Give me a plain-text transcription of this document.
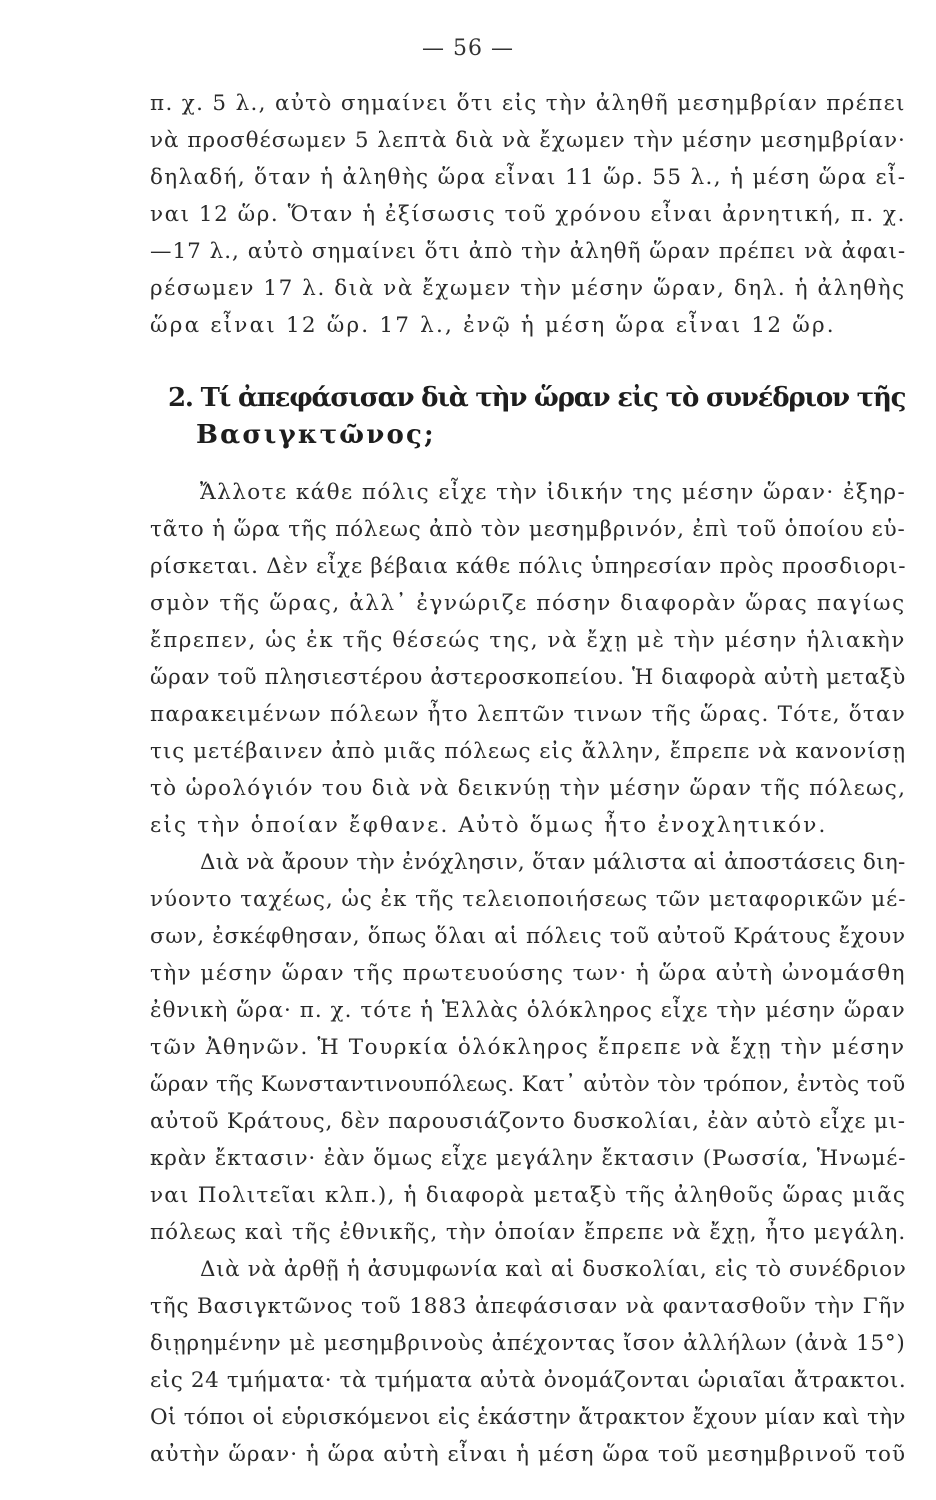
— 56 —
π. χ. 5 λ., αὐτὸ σημαίνει ὅτι εἰς τὴν ἀληθῆ μεσημβρίαν πρέπει
νὰ προσθέσωμεν 5 λεπτὰ διὰ νὰ ἔχωμεν τὴν μέσην μεσημβρίαν·
δηλαδή, ὅταν ἡ ἀληθὴς ὥρα εἶναι 11 ὥρ. 55 λ., ἡ μέση ὥρα εἶ-
ναι 12 ὥρ. Ὅταν ἡ ἐξίσωσις τοῦ χρόνου εἶναι ἀρνητική, π. χ.
—17 λ., αὐτὸ σημαίνει ὅτι ἀπὸ τὴν ἀληθῆ ὥραν πρέπει νὰ ἀφαι-
ρέσωμεν 17 λ. διὰ νὰ ἔχωμεν τὴν μέσην ὥραν, δηλ. ἡ ἀληθὴς
ὥρα εἶναι 12 ὥρ. 17 λ., ἐνῷ ἡ μέση ὥρα εἶναι 12 ὥρ.
2. Τί ἀπεφάσισαν διὰ τὴν ὥραν εἰς τὸ συνέδριον τῆς
Βασιγκτῶνος;
Ἄλλοτε κάθε πόλις εἶχε τὴν ἰδικήν της μέσην ὥραν· ἐξηρ-
τᾶτο ἡ ὥρα τῆς πόλεως ἀπὸ τὸν μεσημβρινόν, ἐπὶ τοῦ ὁποίου εὑ-
ρίσκεται. Δὲν εἶχε βέβαια κάθε πόλις ὑπηρεσίαν πρὸς προσδιορι-
σμὸν τῆς ὥρας, ἀλλ᾿ ἐγνώριζε πόσην διαφορὰν ὥρας παγίως
ἔπρεπεν, ὡς ἐκ τῆς θέσεώς της, νὰ ἔχῃ μὲ τὴν μέσην ἡλιακὴν
ὥραν τοῦ πλησιεστέρου ἀστεροσκοπείου. Ἡ διαφορὰ αὐτὴ μεταξὺ
παρακειμένων πόλεων ἦτο λεπτῶν τινων τῆς ὥρας. Τότε, ὅταν
τις μετέβαινεν ἀπὸ μιᾶς πόλεως εἰς ἄλλην, ἔπρεπε νὰ κανονίσῃ
τὸ ὡρολόγιόν του διὰ νὰ δεικνύῃ τὴν μέσην ὥραν τῆς πόλεως,
εἰς τὴν ὁποίαν ἔφθανε. Αὐτὸ ὅμως ἦτο ἐνοχλητικόν.
Διὰ νὰ ἄρουν τὴν ἐνόχλησιν, ὅταν μάλιστα αἱ ἀποστάσεις διη-
νύοντο ταχέως, ὡς ἐκ τῆς τελειοποιήσεως τῶν μεταφορικῶν μέ-
σων, ἐσκέφθησαν, ὅπως ὅλαι αἱ πόλεις τοῦ αὐτοῦ Κράτους ἔχουν
τὴν μέσην ὥραν τῆς πρωτευούσης των· ἡ ὥρα αὐτὴ ὠνομάσθη
ἐθνικὴ ὥρα· π. χ. τότε ἡ Ἑλλὰς ὁλόκληρος εἶχε τὴν μέσην ὥραν
τῶν Ἀθηνῶν. Ἡ Τουρκία ὁλόκληρος ἔπρεπε νὰ ἔχῃ τὴν μέσην
ὥραν τῆς Κωνσταντινουπόλεως. Κατ᾿ αὐτὸν τὸν τρόπον, ἐντὸς τοῦ
αὐτοῦ Κράτους, δὲν παρουσιάζοντο δυσκολίαι, ἐὰν αὐτὸ εἶχε μι-
κρὰν ἔκτασιν· ἐὰν ὅμως εἶχε μεγάλην ἔκτασιν (Ρωσσία, Ἡνωμέ-
ναι Πολιτεῖαι κλπ.), ἡ διαφορὰ μεταξὺ τῆς ἀληθοῦς ὥρας μιᾶς
πόλεως καὶ τῆς ἐθνικῆς, τὴν ὁποίαν ἔπρεπε νὰ ἔχῃ, ἦτο μεγάλη.
Διὰ νὰ ἀρθῇ ἡ ἀσυμφωνία καὶ αἱ δυσκολίαι, εἰς τὸ συνέδριον
τῆς Βασιγκτῶνος τοῦ 1883 ἀπεφάσισαν νὰ φαντασθοῦν τὴν Γῆν
διῃρημένην μὲ μεσημβρινοὺς ἀπέχοντας ἴσον ἀλλήλων (ἀνὰ 15°)
εἰς 24 τμήματα· τὰ τμήματα αὐτὰ ὀνομάζονται ὡριαῖαι ἄτρακτοι.
Οἱ τόποι οἱ εὑρισκόμενοι εἰς ἑκάστην ἄτρακτον ἔχουν μίαν καὶ τὴν
αὐτὴν ὥραν· ἡ ὥρα αὐτὴ εἶναι ἡ μέση ὥρα τοῦ μεσημβρινοῦ τοῦ
